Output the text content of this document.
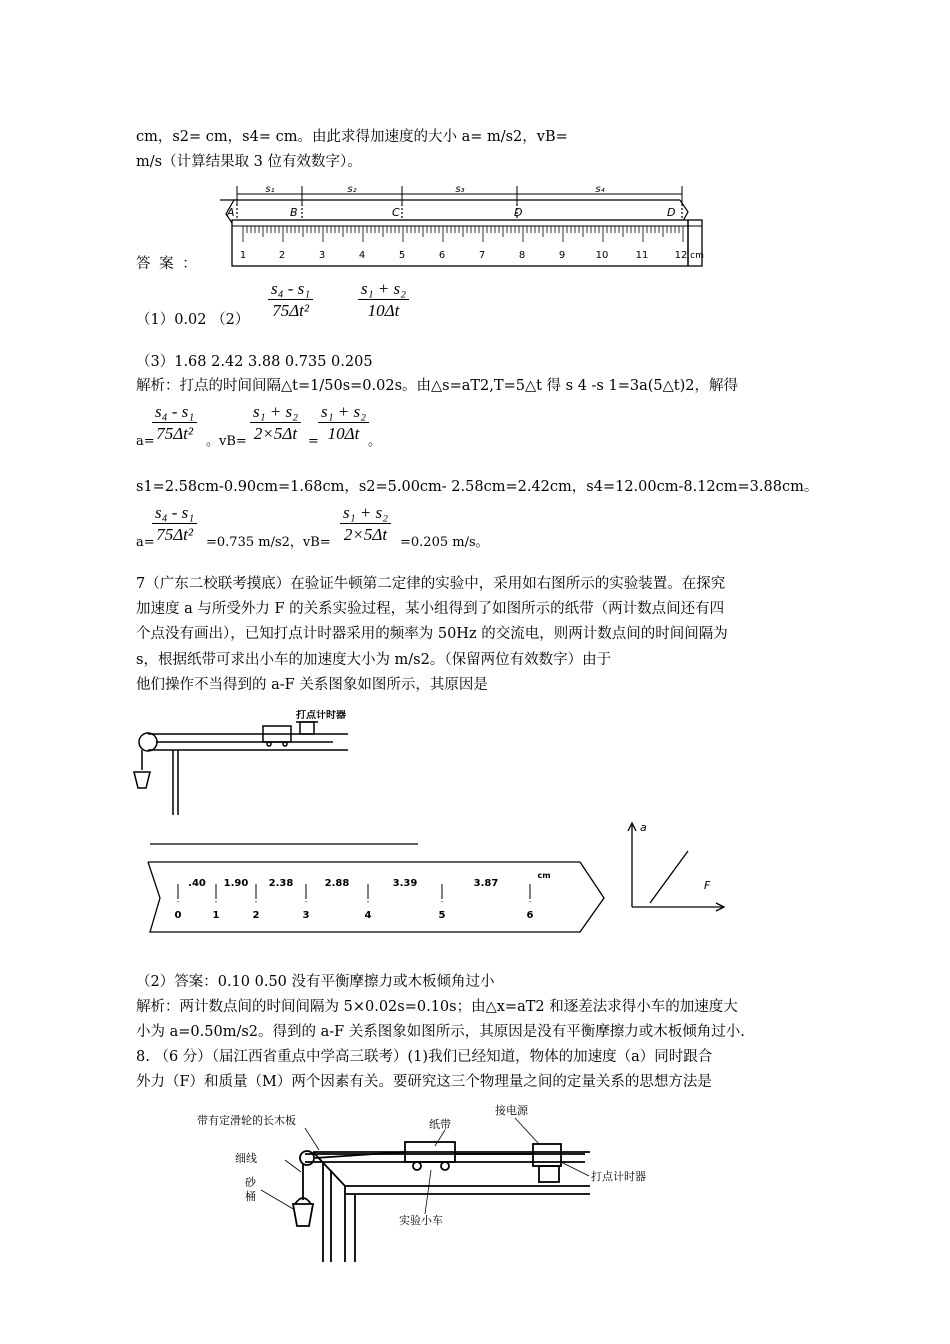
cm，s2= cm，s4= cm。由此求得加速度的大小 a= m/s2，vB=
m/s（计算结果取 3 位有效数字）。
s₁	s₂	s₃	s₄
A	B	C	D	D
1	2	3	4	5	6	7	8	9	10	11	12 cm
答 案 ：
$\frac{\text{s₄ - s₁}}{\text{75Δt²}}$	$\frac{\text{s₁ + s₂}}{10\Delta t}$
（1）0.02 （2）
（3）1.68 2.42 3.88 0.735 0.205
解析：打点的时间间隔△t=1/50s=0.02s。由△s=aT2,T=5△t 得 s 4 -s 1=3a(5△t)2，解得
$\frac{\text{s₄ - s₁}}{\text{75Δt²}}$	$\frac{\text{s₁ + s₂}}{2\times 5\Delta t} \frac{\text{s₁ + s₂}}{10\Delta t}$
a=	。vB=	=	。
s1=2.58cm-0.90cm=1.68cm，s2=5.00cm- 2.58cm=2.42cm，s4=12.00cm-8.12cm=3.88cm。
$\frac{\text{s₄ - s₁}}{\text{75Δt²}}$	$\frac{\text{s₁ + s₂}}{2\times 5\Delta t}$
a=	=0.735 m/s2，vB=	=0.205 m/s。
7（广东二校联考摸底）在验证牛顿第二定律的实验中，采用如右图所示的实验装置。在探究
加速度 a 与所受外力 F 的关系实验过程，某小组得到了如图所示的纸带（两计数点间还有四
个点没有画出），已知打点计时器采用的频率为 50Hz 的交流电，则两计数点间的时间间隔为
s，根据纸带可求出小车的加速度大小为 m/s2。（保留两位有效数字）由于
他们操作不当得到的 a-F 关系图象如图所示，其原因是
打点计时器
.40 1.90 2.38	2.88	3.39	3.87
cm
0	1	2	3	4	5	6
a
F
（2）答案：0.10 0.50 没有平衡摩擦力或木板倾角过小
解析：两计数点间的时间间隔为 5×0.02s=0.10s；由△x=aT2 和逐差法求得小车的加速度大
小为 a=0.50m/s2。得到的 a-F 关系图象如图所示，其原因是没有平衡摩擦力或木板倾角过小.
8. （6 分）（届江西省重点中学高三联考）(1)我们已经知道，物体的加速度（a）同时跟合
外力（F）和质量（M）两个因素有关。要研究这三个物理量之间的定量关系的思想方法是
带有定滑轮的长木板	纸带
接电源
细线
砂
桶
打点计时器
实验小车
